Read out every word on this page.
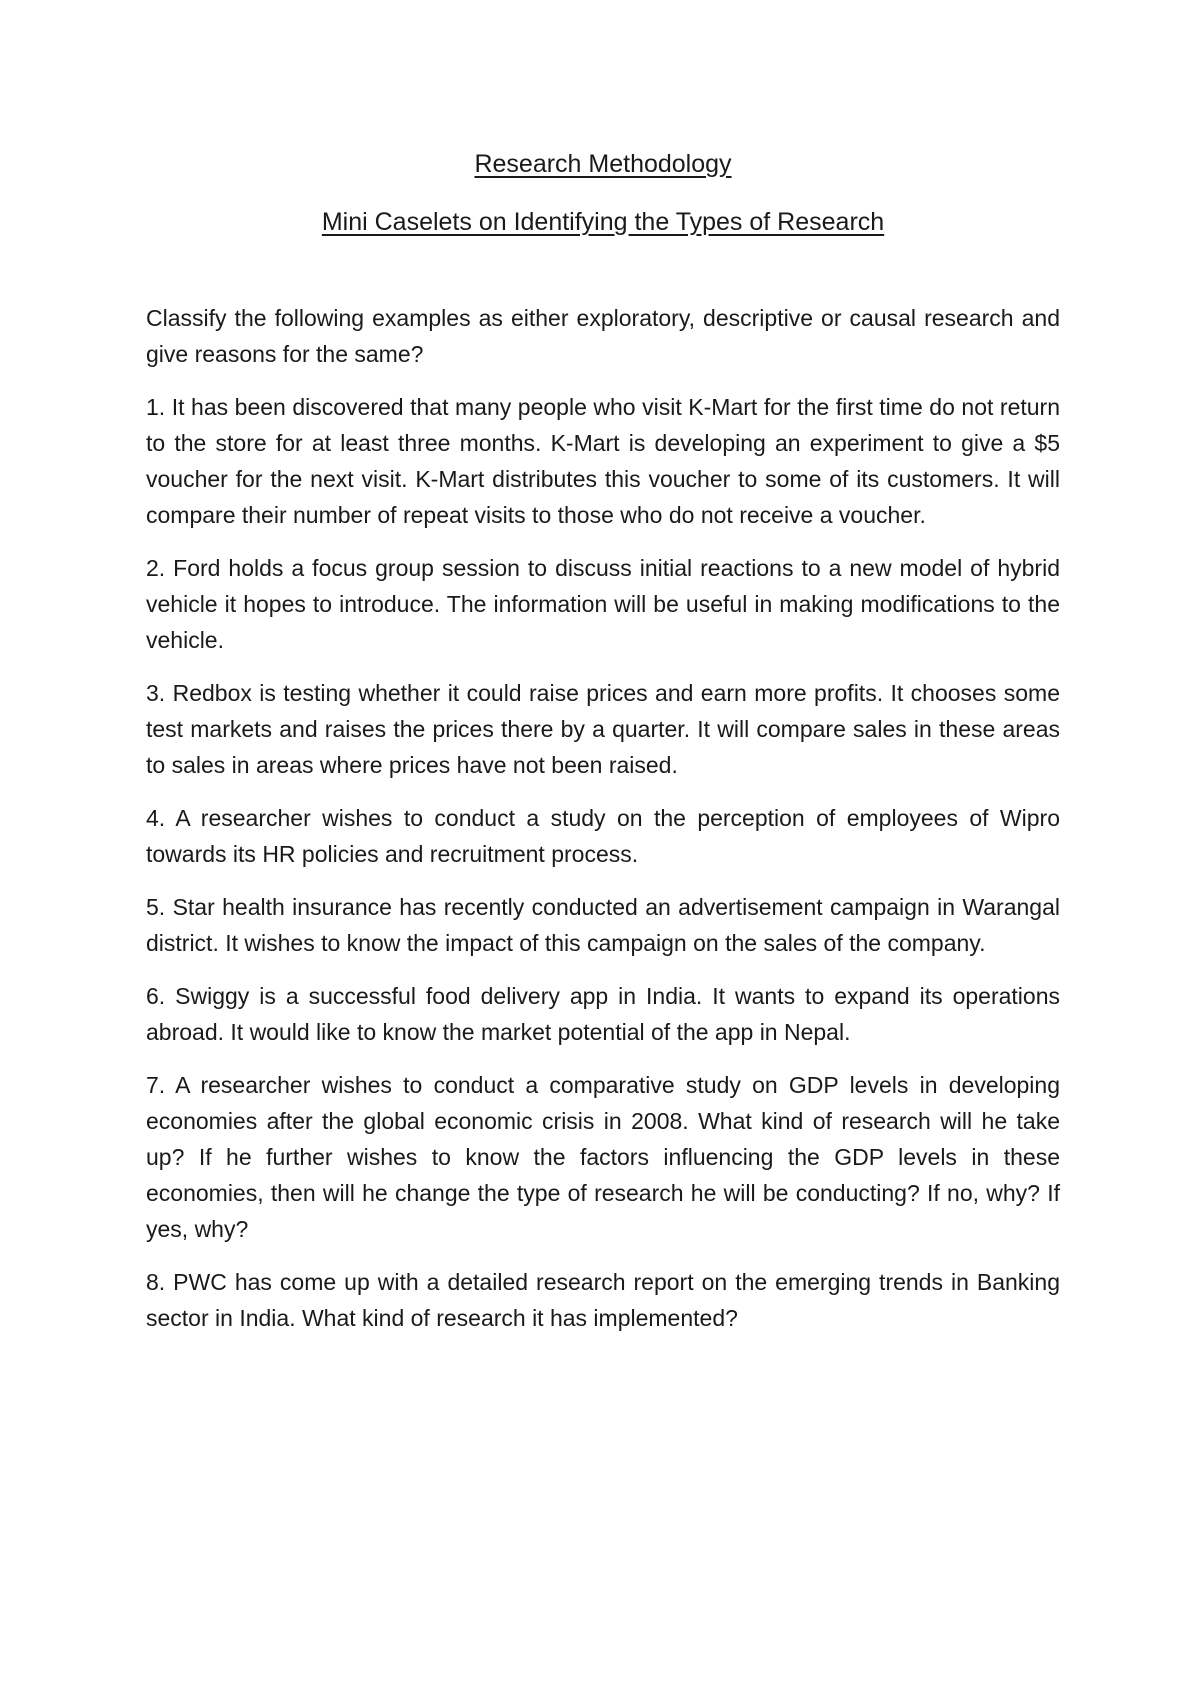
Research Methodology
Mini Caselets on Identifying the Types of Research

Classify the following examples as either exploratory, descriptive or causal research and give reasons for the same?

1. It has been discovered that many people who visit K-Mart for the first time do not return to the store for at least three months. K-Mart is developing an experiment to give a $5 voucher for the next visit. K-Mart distributes this voucher to some of its customers. It will compare their number of repeat visits to those who do not receive a voucher.

2. Ford holds a focus group session to discuss initial reactions to a new model of hybrid vehicle it hopes to introduce. The information will be useful in making modifications to the vehicle.

3. Redbox is testing whether it could raise prices and earn more profits. It chooses some test markets and raises the prices there by a quarter. It will compare sales in these areas to sales in areas where prices have not been raised.

4. A researcher wishes to conduct a study on the perception of employees of Wipro towards its HR policies and recruitment process.

5. Star health insurance has recently conducted an advertisement campaign in Warangal district. It wishes to know the impact of this campaign on the sales of the company.

6. Swiggy is a successful food delivery app in India. It wants to expand its operations abroad. It would like to know the market potential of the app in Nepal.

7. A researcher wishes to conduct a comparative study on GDP levels in developing economies after the global economic crisis in 2008. What kind of research will he take up? If he further wishes to know the factors influencing the GDP levels in these economies, then will he change the type of research he will be conducting? If no, why? If yes, why?

8. PWC has come up with a detailed research report on the emerging trends in Banking sector in India. What kind of research it has implemented?
